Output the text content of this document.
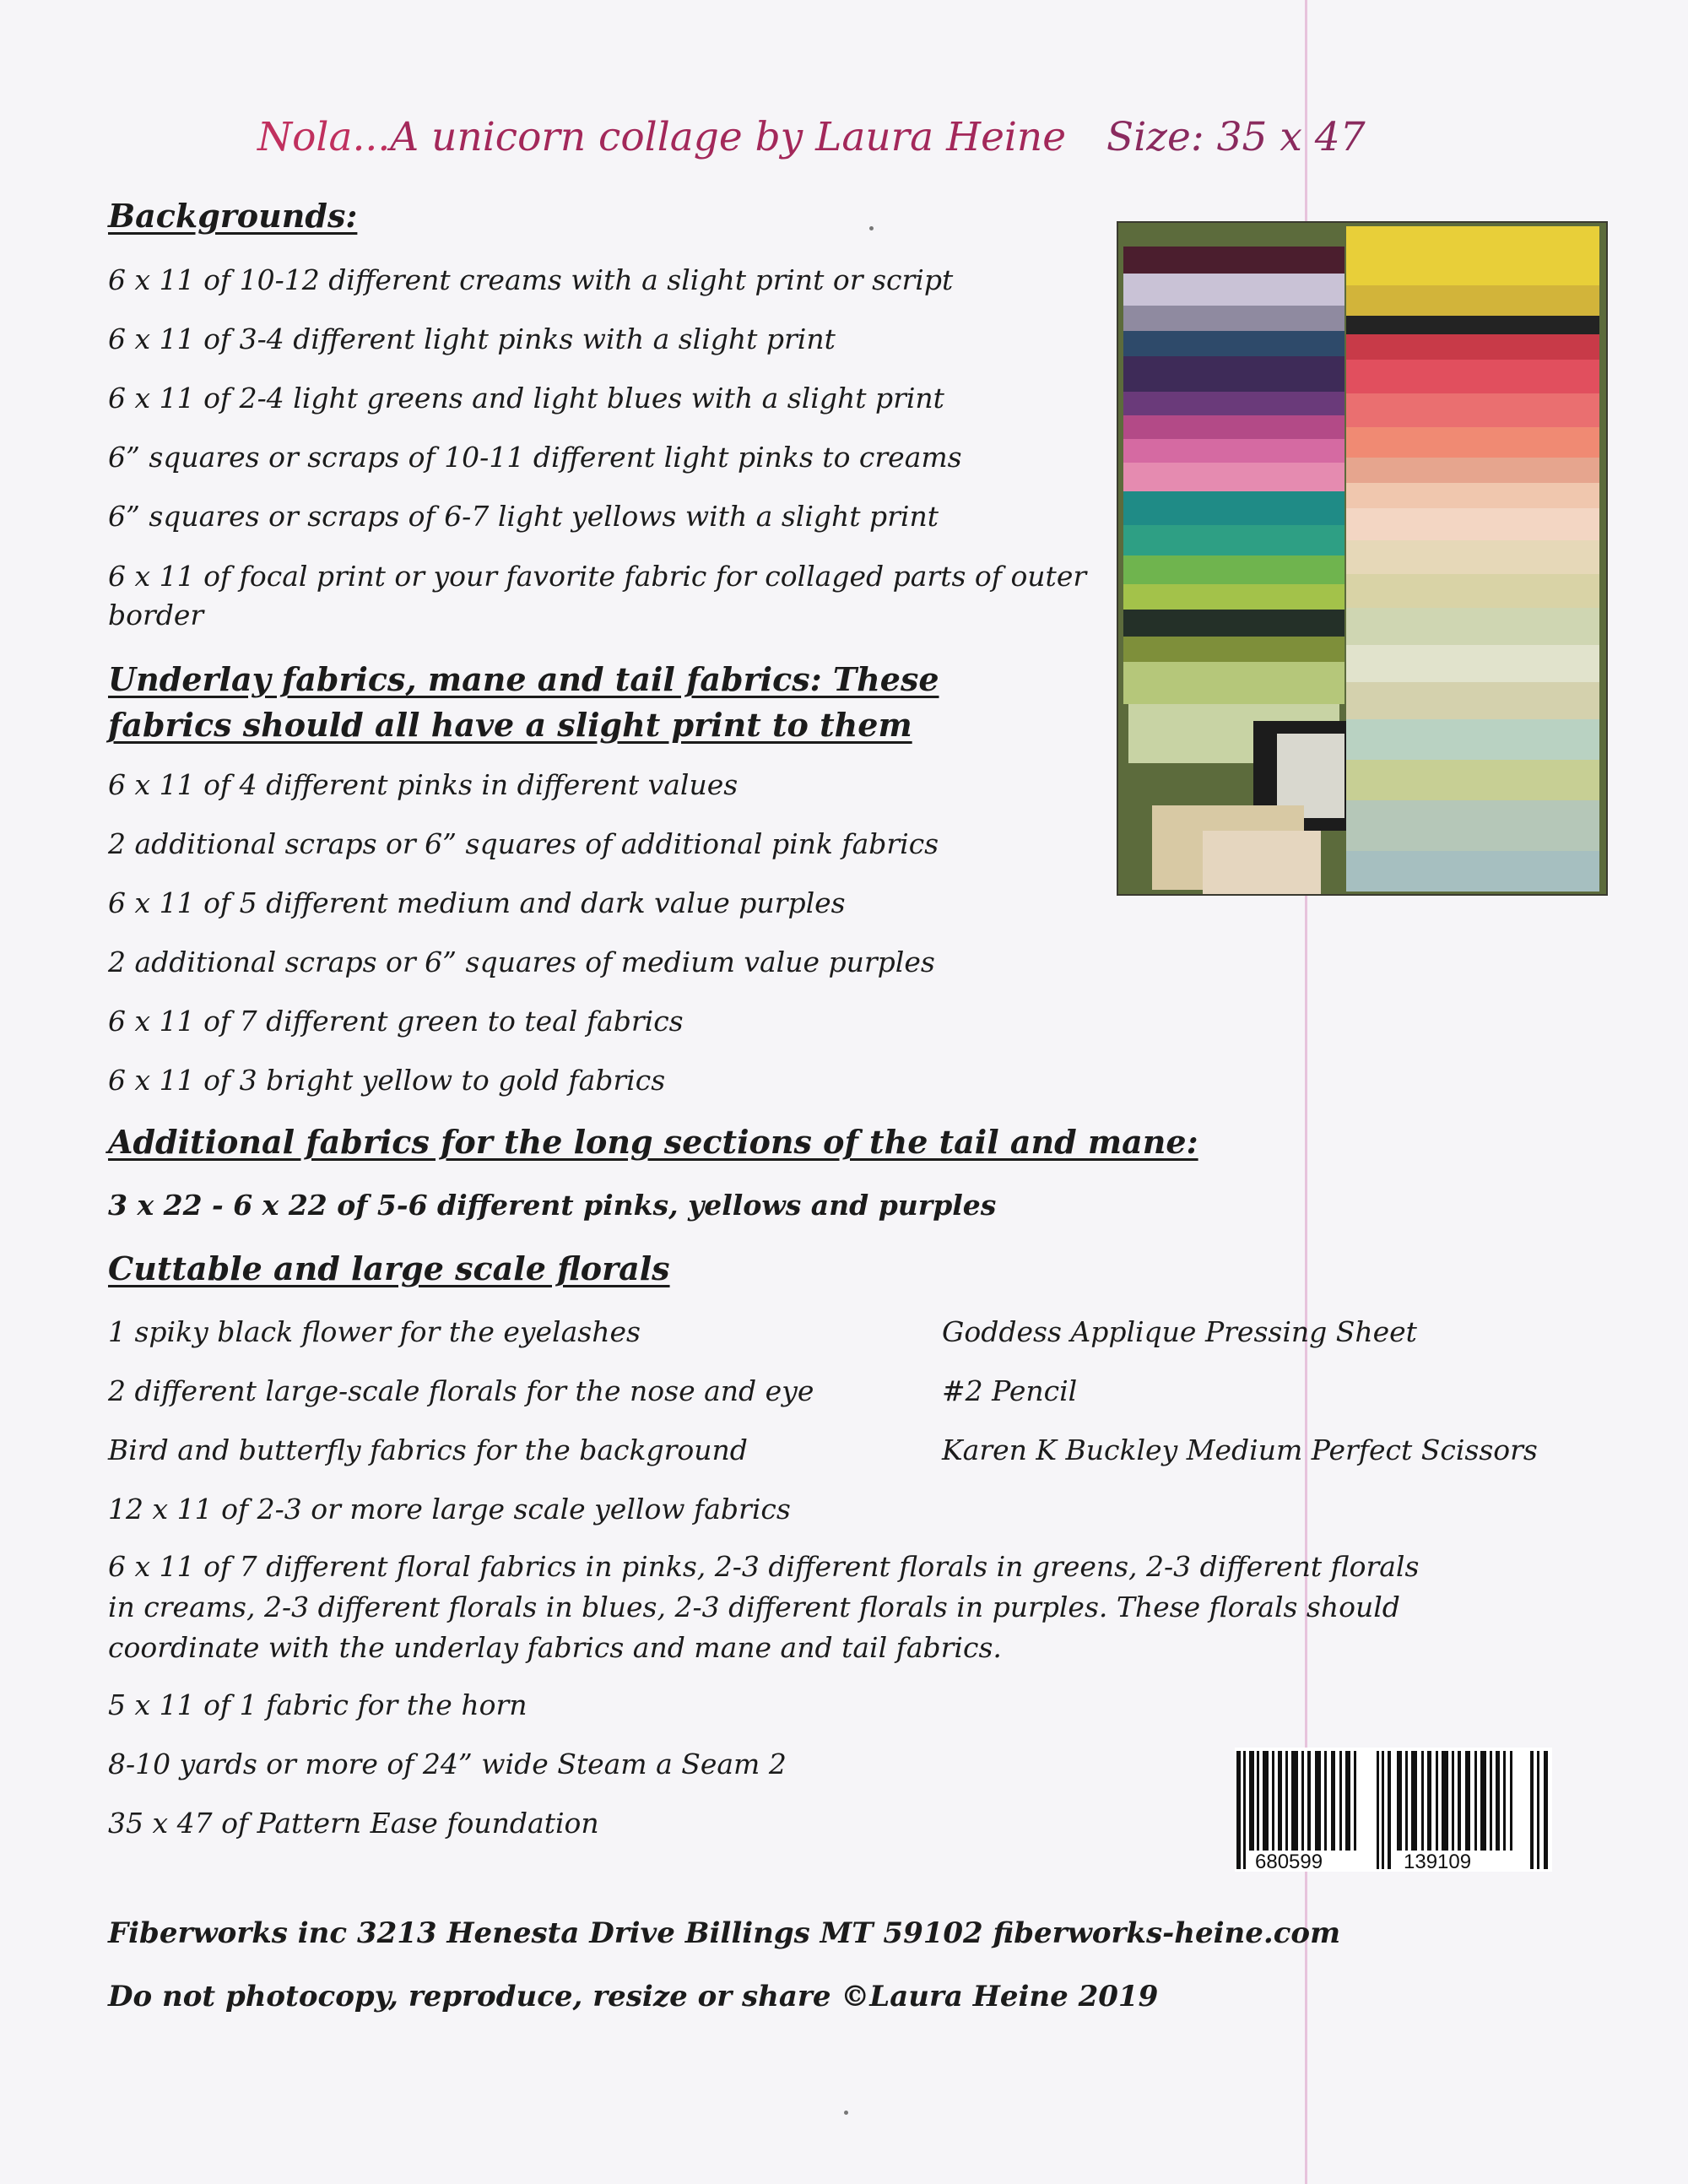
Nola...A unicorn collage by Laura Heine Size: 35 x 47
Backgrounds:
6 x 11 of 10-12 different creams with a slight print or script
6 x 11 of 3-4 different light pinks with a slight print
6 x 11 of 2-4 light greens and light blues with a slight print
6” squares or scraps of 10-11 different light pinks to creams
6” squares or scraps of 6-7 light yellows with a slight print
6 x 11 of focal print or your favorite fabric for collaged parts of outer border
Underlay fabrics, mane and tail fabrics: These
fabrics should all have a slight print to them
6 x 11 of 4 different pinks in different values
2 additional scraps or 6” squares of additional pink fabrics
6 x 11 of 5 different medium and dark value purples
2 additional scraps or 6” squares of medium value purples
6 x 11 of 7 different green to teal fabrics
6 x 11 of 3 bright yellow to gold fabrics
Additional fabrics for the long sections of the tail and mane:
3 x 22 - 6 x 22 of 5-6 different pinks, yellows and purples
Cuttable and large scale florals
1 spiky black flower for the eyelashes
2 different large-scale florals for the nose and eye
Bird and butterfly fabrics for the background
12 x 11 of 2-3 or more large scale yellow fabrics
Goddess Applique Pressing Sheet
#2 Pencil
Karen K Buckley Medium Perfect Scissors
6 x 11 of 7 different floral fabrics in pinks, 2-3 different florals in greens, 2-3 different florals
in creams, 2-3 different florals in blues, 2-3 different florals in purples. These florals should
coordinate with the underlay fabrics and mane and tail fabrics.
5 x 11 of 1 fabric for the horn
8-10 yards or more of 24” wide Steam a Seam 2
35 x 47 of Pattern Ease foundation
680599	139109
Fiberworks inc 3213 Henesta Drive Billings MT 59102 fiberworks-heine.com
Do not photocopy, reproduce, resize or share ©Laura Heine 2019
